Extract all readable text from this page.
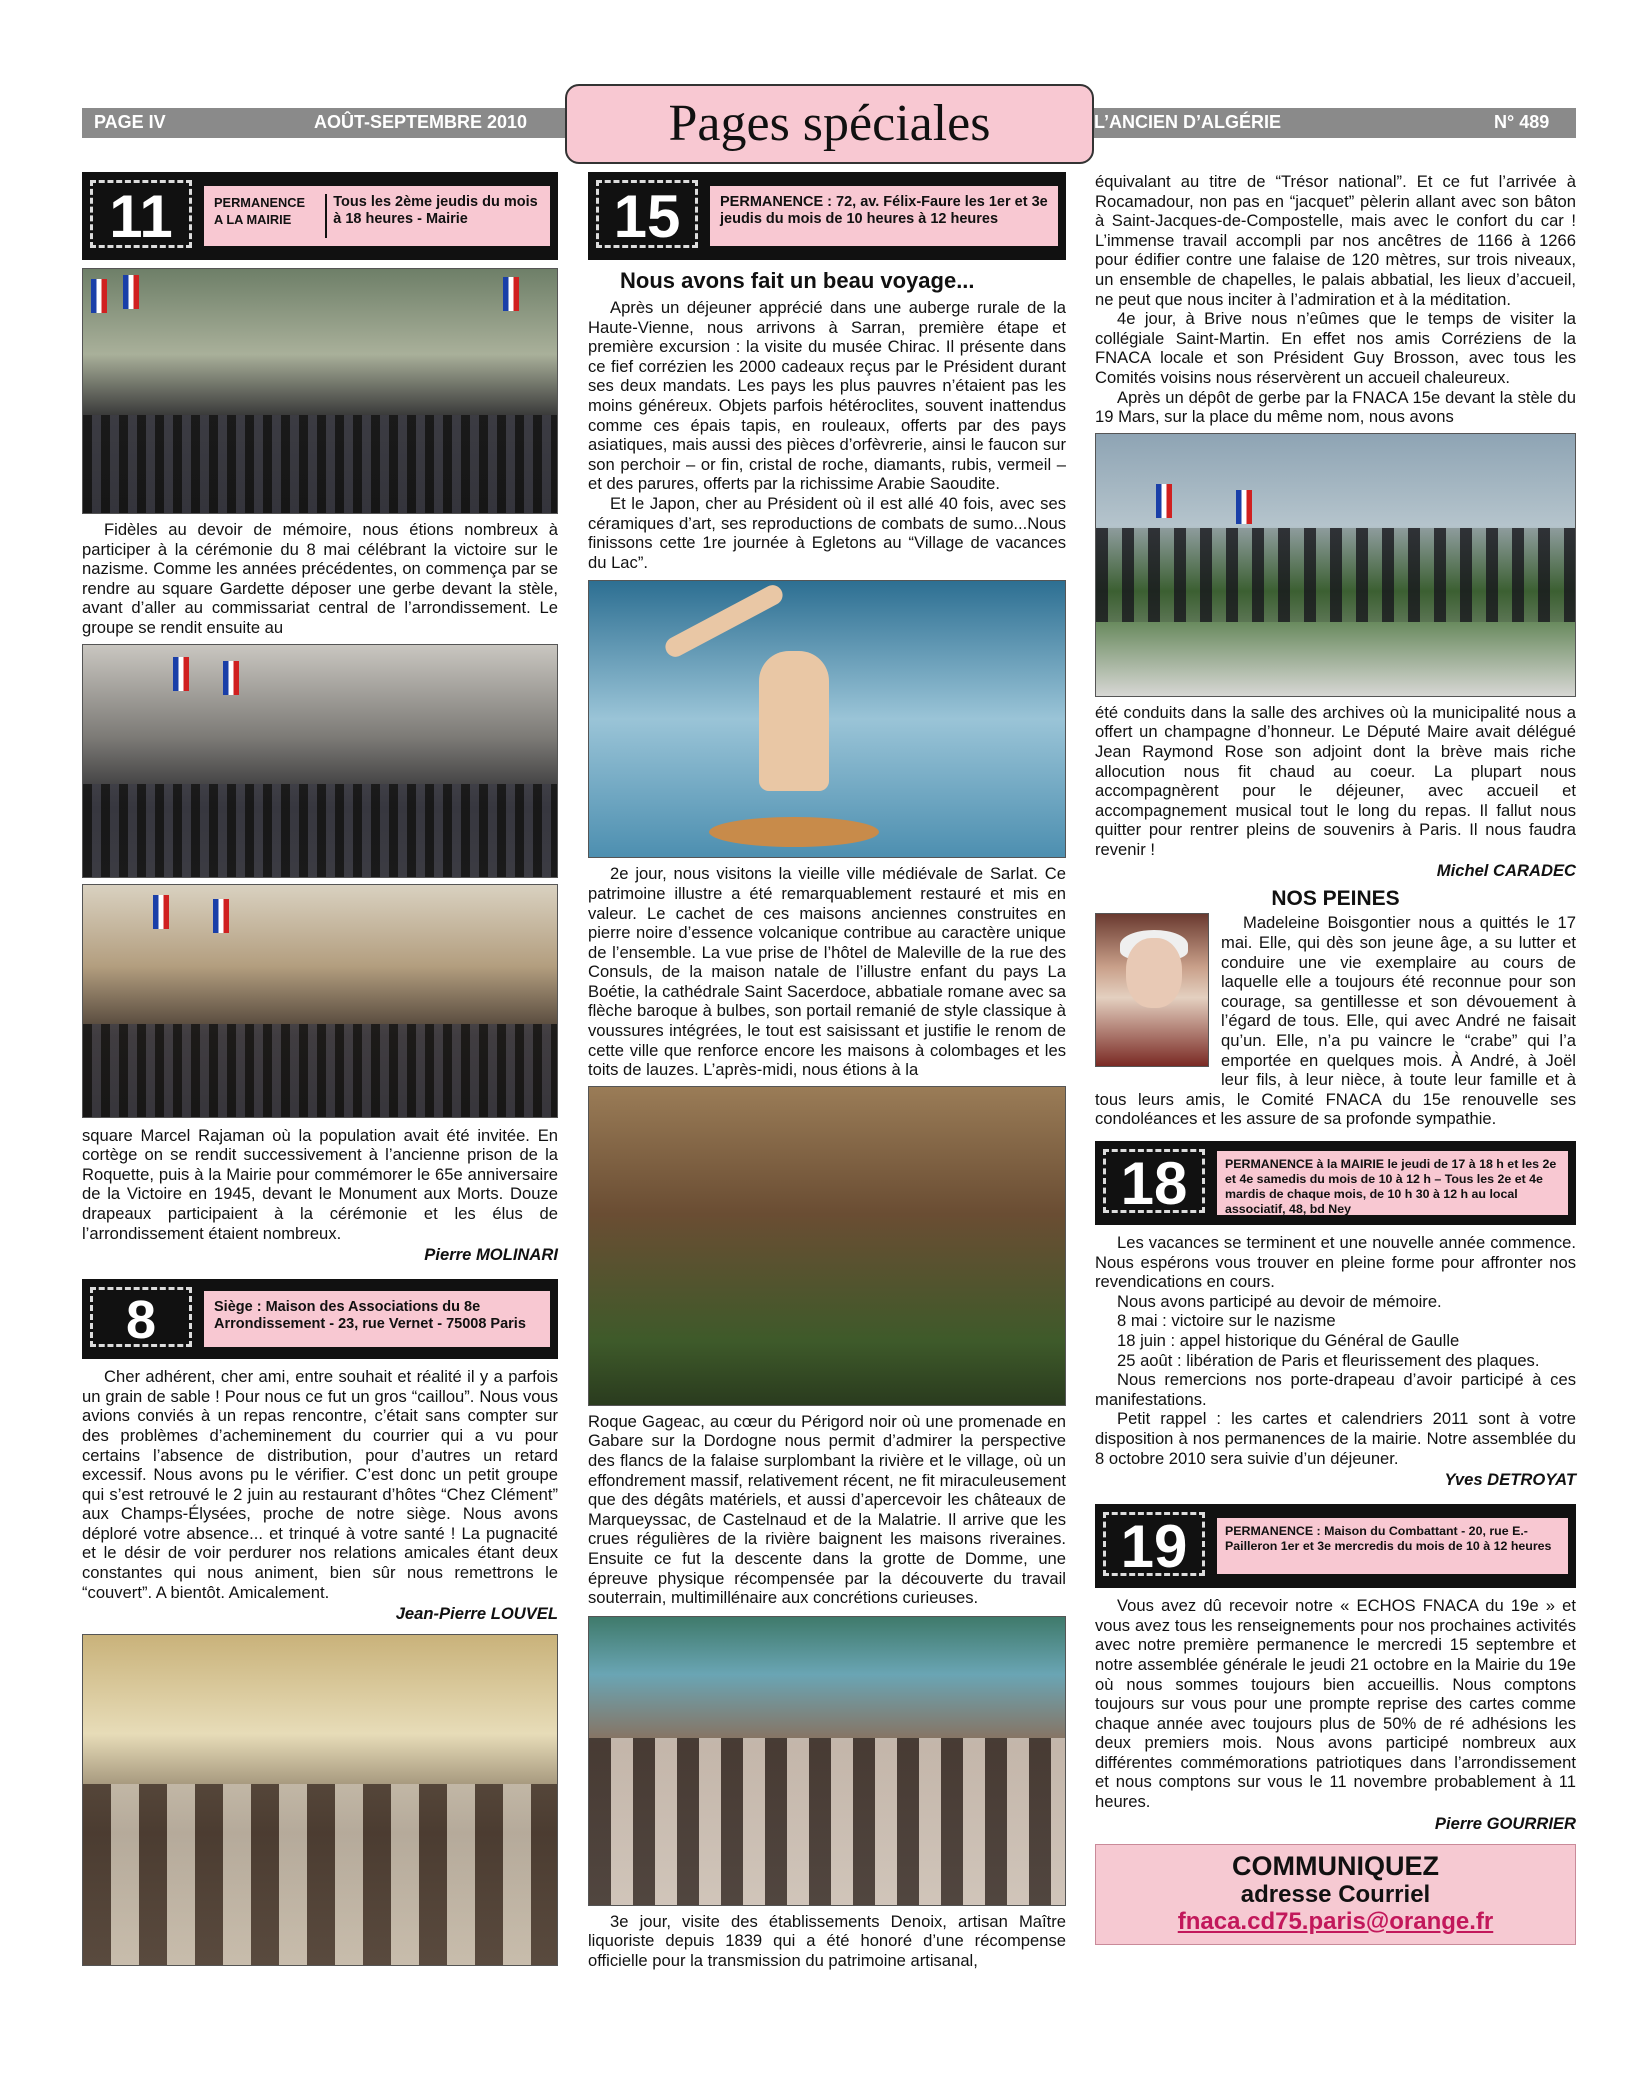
PAGE IV	AOÛT-SEPTEMBRE 2010	L’ANCIEN D’ALGÉRIE	N° 489
Pages spéciales
11	PERMANENCE A LA MAIRIE
Tous les 2ème jeudis du mois à 18 heures - Mairie

Fidèles au devoir de mémoire, nous étions nombreux à participer à la cérémonie du 8 mai célébrant la victoire sur le nazisme. Comme les années précédentes, on commença par se rendre au square Gardette déposer une gerbe devant la stèle, avant d’aller au commissariat central de l’arrondissement. Le groupe se rendit ensuite au

square Marcel Rajaman où la population avait été invitée. En cortège on se rendit successivement à l’ancienne prison de la Roquette, puis à la Mairie pour commémorer le 65e anniversaire de la Victoire en 1945, devant le Monument aux Morts. Douze drapeaux participaient à la cérémonie et les élus de l’arrondissement étaient nombreux.

Pierre MOLINARI

8	Siège : Maison des Associations du 8e Arrondissement - 23, rue Vernet - 75008 Paris

Cher adhérent, cher ami, entre souhait et réalité il y a parfois un grain de sable ! Pour nous ce fut un gros “caillou”. Nous vous avions conviés à un repas rencontre, c’était sans compter sur des problèmes d’acheminement du courrier qui a vu pour certains l’absence de distribution, pour d’autres un retard excessif. Nous avons pu le vérifier. C’est donc un petit groupe qui s’est retrouvé le 2 juin au restaurant d’hôtes “Chez Clément” aux Champs-Élysées, proche de notre siège. Nous avons déploré votre absence... et trinqué à votre santé ! La pugnacité et le désir de voir perdurer nos relations amicales étant deux constantes qui nous animent, bien sûr nous remettrons le “couvert”. A bientôt. Amicalement.

Jean-Pierre LOUVEL

15	PERMANENCE : 72, av. Félix-Faure les 1er et 3e jeudis du mois de 10 heures à 12 heures
Nous avons fait un beau voyage...

Après un déjeuner apprécié dans une auberge rurale de la Haute-Vienne, nous arrivons à Sarran, première étape et première excursion : la visite du musée Chirac. Il présente dans ce fief corrézien les 2000 cadeaux reçus par le Président durant ses deux mandats. Les pays les plus pauvres n’étaient pas les moins généreux. Objets parfois hétéroclites, souvent inattendus comme ces épais tapis, en rouleaux, offerts par des pays asiatiques, mais aussi des pièces d’orfèvrerie, ainsi le faucon sur son perchoir – or fin, cristal de roche, diamants, rubis, vermeil – et des parures, offerts par la richissime Arabie Saoudite.

Et le Japon, cher au Président où il est allé 40 fois, avec ses céramiques d’art, ses reproductions de combats de sumo...Nous finissons cette 1re journée à Egletons au “Village de vacances du Lac”.

2e jour, nous visitons la vieille ville médiévale de Sarlat. Ce patrimoine illustre a été remarquablement restauré et mis en valeur. Le cachet de ces maisons anciennes construites en pierre noire d’essence volcanique contribue au caractère unique de l’ensemble. La vue prise de l’hôtel de Maleville de la rue des Consuls, de la maison natale de l’illustre enfant du pays La Boétie, la cathédrale Saint Sacerdoce, abbatiale romane avec sa flèche baroque à bulbes, son portail remanié de style classique à voussures intégrées, le tout est saisissant et justifie le renom de cette ville que renforce encore les maisons à colombages et les toits de lauzes. L’après-midi, nous étions à la

Roque Gageac, au cœur du Périgord noir où une promenade en Gabare sur la Dordogne nous permit d’admirer la perspective des flancs de la falaise surplombant la rivière et le village, où un effondrement massif, relativement récent, ne fit miraculeusement que des dégâts matériels, et aussi d’apercevoir les châteaux de Marqueyssac, de Castelnaud et de la Malatrie. Il arrive que les crues régulières de la rivière baignent les maisons riveraines. Ensuite ce fut la descente dans la grotte de Domme, une épreuve physique récompensée par la découverte du travail souterrain, multimillénaire aux concrétions curieuses.

3e jour, visite des établissements Denoix, artisan Maître liquoriste depuis 1839 qui a été honoré d’une récompense officielle pour la transmission du patrimoine artisanal,

équivalant au titre de “Trésor national”. Et ce fut l’arrivée à Rocamadour, non pas en “jacquet” pèlerin allant avec son bâton à Saint-Jacques-de-Compostelle, mais avec le confort du car ! L’immense travail accompli par nos ancêtres de 1166 à 1266 pour édifier contre une falaise de 120 mètres, sur trois niveaux, un ensemble de chapelles, le palais abbatial, les lieux d’accueil, ne peut que nous inciter à l’admiration et à la méditation.

4e jour, à Brive nous n’eûmes que le temps de visiter la collégiale Saint-Martin. En effet nos amis Corréziens de la FNACA locale et son Président Guy Brosson, avec tous les Comités voisins nous réservèrent un accueil chaleureux.

Après un dépôt de gerbe par la FNACA 15e devant la stèle du 19 Mars, sur la place du même nom, nous avons

été conduits dans la salle des archives où la municipalité nous a offert un champagne d’honneur. Le Député Maire avait délégué Jean Raymond Rose son adjoint dont la brève mais riche allocution nous fit chaud au coeur. La plupart nous accompagnèrent pour le déjeuner, avec accueil et accompagnement musical tout le long du repas. Il fallut nous quitter pour rentrer pleins de souvenirs à Paris. Il nous faudra revenir !

Michel CARADEC

NOS PEINES

Madeleine Boisgontier nous a quittés le 17 mai. Elle, qui dès son jeune âge, a su lutter et conduire une vie exemplaire au cours de laquelle elle a toujours été reconnue pour son courage, sa gentillesse et son dévouement à l’égard de tous. Elle, qui avec André ne faisait qu’un. Elle, n’a pu vaincre le “crabe” qui l’a emportée en quelques mois. À André, à Joël leur fils, à leur nièce, à toute leur famille et à tous leurs amis, le Comité FNACA du 15e renouvelle ses condoléances et les assure de sa profonde sympathie.

18	PERMANENCE à la MAIRIE le jeudi de 17 à 18 h et les 2e et 4e samedis du mois de 10 à 12 h – Tous les 2e et 4e mardis de chaque mois, de 10 h 30 à 12 h au local associatif, 48, bd Ney

Les vacances se terminent et une nouvelle année commence. Nous espérons vous trouver en pleine forme pour affronter nos revendications en cours.

Nous avons participé au devoir de mémoire.

8 mai : victoire sur le nazisme

18 juin : appel historique du Général de Gaulle

25 août : libération de Paris et fleurissement des plaques.

Nous remercions nos porte-drapeau d’avoir participé à ces manifestations.

Petit rappel : les cartes et calendriers 2011 sont à votre disposition à nos permanences de la mairie. Notre assemblée du 8 octobre 2010 sera suivie d’un déjeuner.

Yves DETROYAT

19	PERMANENCE : Maison du Combattant - 20, rue E.-Pailleron 1er et 3e mercredis du mois de 10 à 12 heures

Vous avez dû recevoir notre « ECHOS FNACA du 19e » et vous avez tous les renseignements pour nos prochaines activités avec notre première permanence le mercredi 15 septembre et notre assemblée générale le jeudi 21 octobre en la Mairie du 19e où nous sommes toujours bien accueillis. Nous comptons toujours sur vous pour une prompte reprise des cartes comme chaque année avec toujours plus de 50% de ré adhésions les deux premiers mois. Nous avons participé nombreux aux différentes commémorations patriotiques dans l’arrondissement et nous comptons sur vous le 11 novembre probablement à 11 heures.

Pierre GOURRIER

COMMUNIQUEZ
adresse Courriel
fnaca.cd75.paris@orange.fr
